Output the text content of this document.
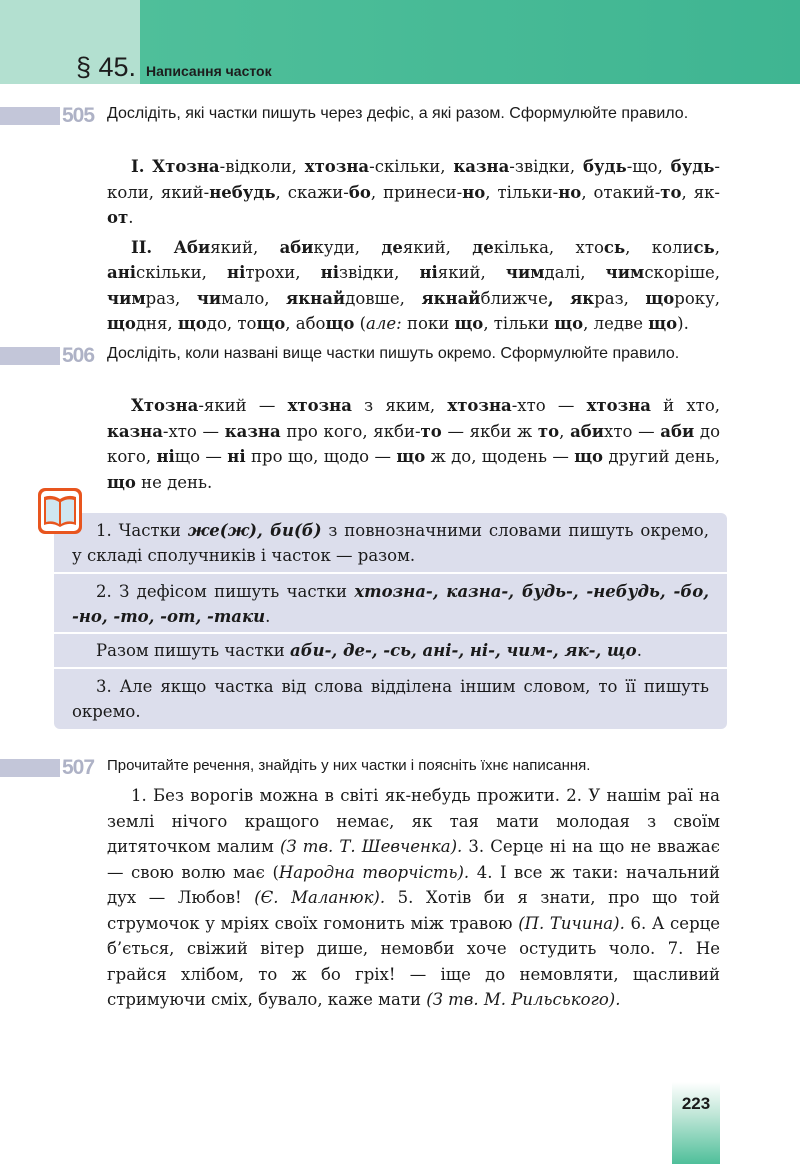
§ 45. Написання часток
505 Дослідіть, які частки пишуть через дефіс, а які разом. Сформулюйте правило.

I. Хтозна-відколи, хтозна-скільки, казна-звідки, будь-що, будь-коли, який-небудь, скажи-бо, принеси-но, тільки-но, отакий-то, як-от.

II. Абиякий, абикуди, деякий, декілька, хтось, колись, аніскільки, нітрохи, нізвідки, ніякий, чимдалі, чимскоріше, чимраз, чимало, якнайдовше, якнайближче, якраз, щороку, щодня, щодо, тощо, абощо (але: поки що, тільки що, ледве що).

506 Дослідіть, коли названі вище частки пишуть окремо. Сформулюйте правило.

Хтозна-який — хтозна з яким, хтозна-хто — хтозна й хто, казна-хто — казна про кого, якби-то — якби ж то, абихто — аби до кого, ніщо — ні про що, щодо — що ж до, щодень — що другий день, що не день.

1. Частки же(ж), би(б) з повнозначними словами пишуть окремо, у складі сполучників і часток — разом.
2. З дефісом пишуть частки хтозна-, казна-, будь-, -небудь, -бо, -но, -то, -от, -таки.
Разом пишуть частки аби-, де-, -сь, ані-, ні-, чим-, як-, що.
3. Але якщо частка від слова відділена іншим словом, то її пишуть окремо.
507 Прочитайте речення, знайдіть у них частки і поясніть їхнє написання.

1. Без ворогів можна в світі як-небудь прожити. 2. У нашім раї на землі нічого кращого немає, як тая мати молодая з своїм дитяточком малим (З тв. Т. Шевченка). 3. Серце ні на що не вважає — свою волю має (Народна творчість). 4. І все ж таки: начальний дух — Любов! (Є. Маланюк). 5. Хотів би я знати, про що той струмочок у мріях своїх гомонить між травою (П. Тичина). 6. А серце б’ється, свіжий вітер дише, немовби хоче остудить чоло. 7. Не грайся хлібом, то ж бо гріх! — іще до немовляти, щасливий стримуючи сміх, бувало, каже мати (З тв. М. Рильського).

223
